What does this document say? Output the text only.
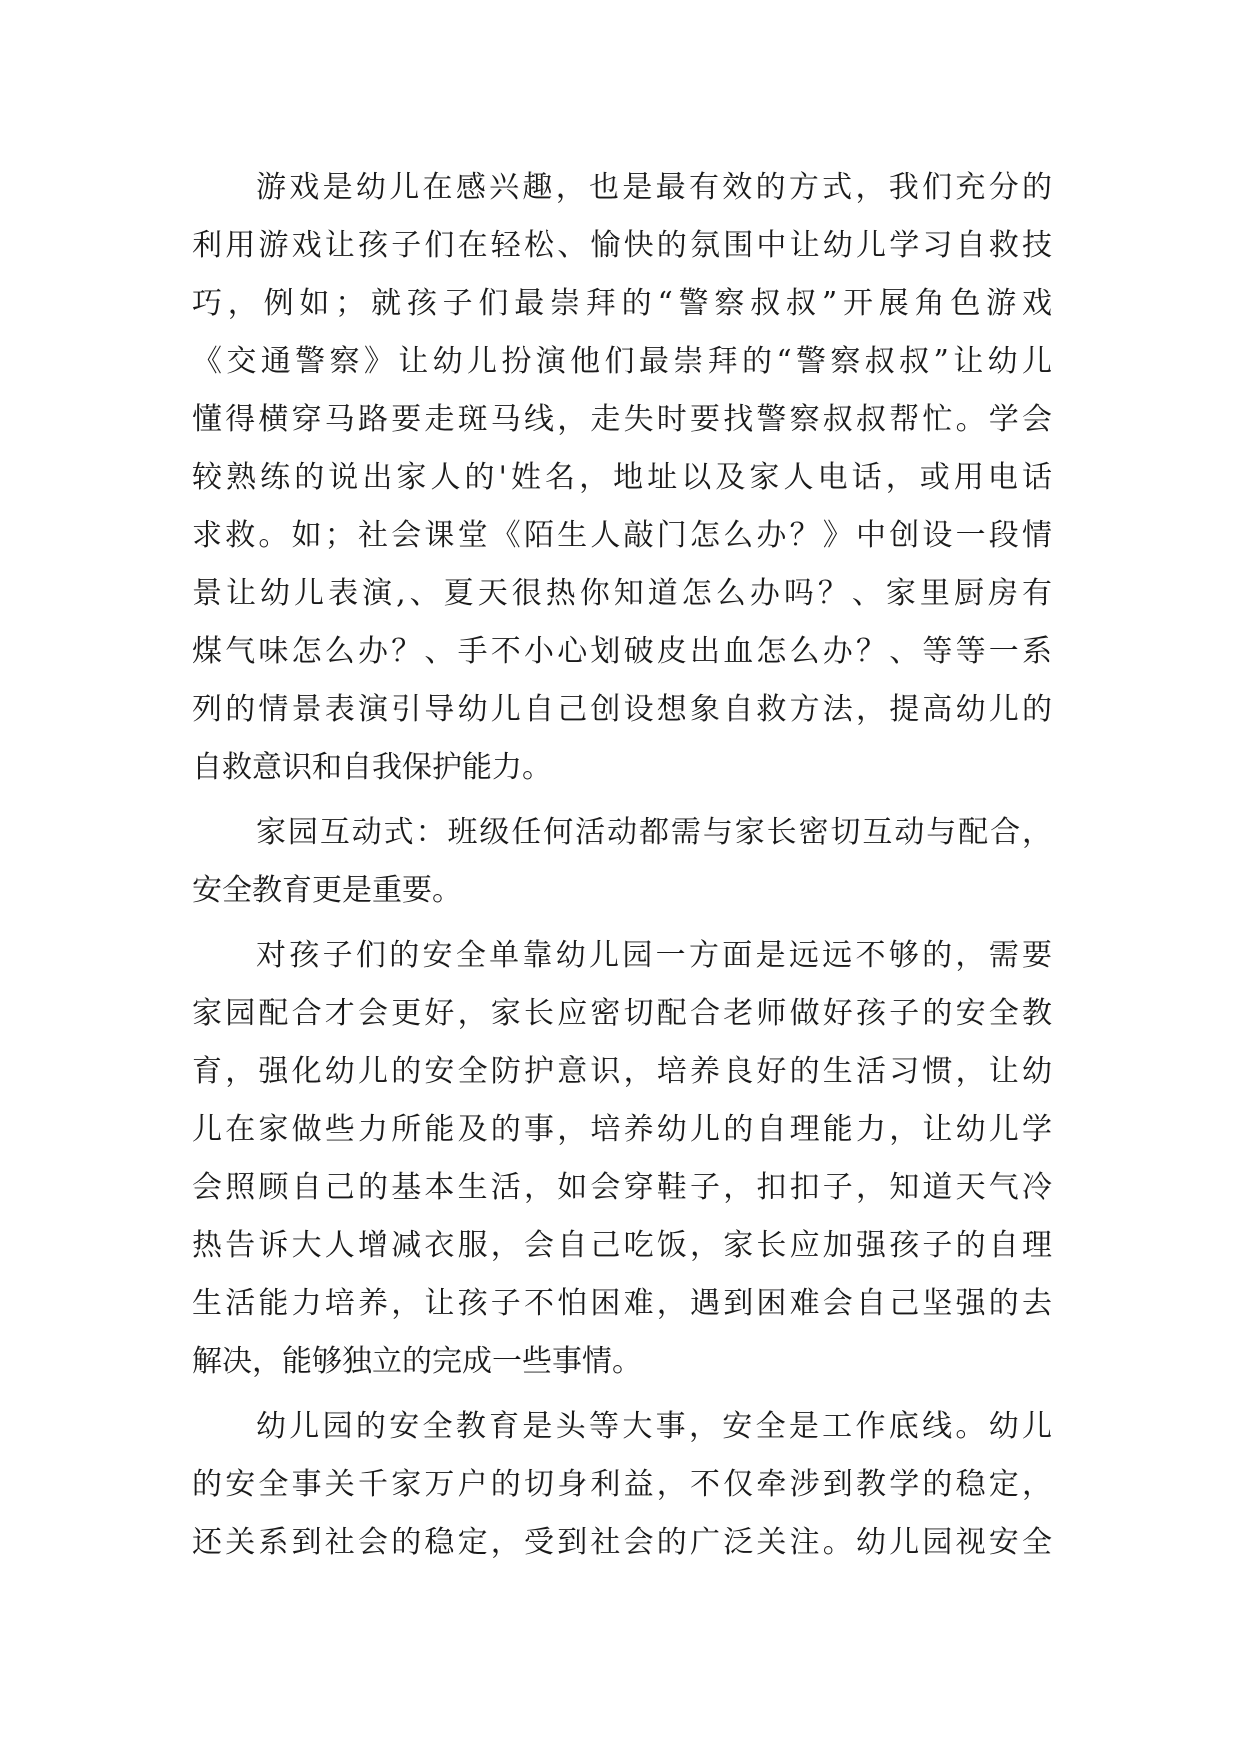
游戏是幼儿在感兴趣，也是最有效的方式，我们充分的
利用游戏让孩子们在轻松、愉快的氛围中让幼儿学习自救技
巧，例如；就孩子们最崇拜的“警察叔叔”开展角色游戏
《交通警察》让幼儿扮演他们最崇拜的“警察叔叔”让幼儿
懂得横穿马路要走斑马线，走失时要找警察叔叔帮忙。学会
较熟练的说出家人的'姓名，地址以及家人电话，或用电话
求救。如；社会课堂《陌生人敲门怎么办？》中创设一段情
景让幼儿表演,、夏天很热你知道怎么办吗？、家里厨房有
煤气味怎么办？、手不小心划破皮出血怎么办？、等等一系
列的情景表演引导幼儿自己创设想象自救方法，提高幼儿的
自救意识和自我保护能力。
家园互动式：班级任何活动都需与家长密切互动与配合，
安全教育更是重要。
对孩子们的安全单靠幼儿园一方面是远远不够的，需要
家园配合才会更好，家长应密切配合老师做好孩子的安全教
育，强化幼儿的安全防护意识，培养良好的生活习惯，让幼
儿在家做些力所能及的事，培养幼儿的自理能力，让幼儿学
会照顾自己的基本生活，如会穿鞋子，扣扣子，知道天气冷
热告诉大人增减衣服，会自己吃饭，家长应加强孩子的自理
生活能力培养，让孩子不怕困难，遇到困难会自己坚强的去
解决，能够独立的完成一些事情。
幼儿园的安全教育是头等大事，安全是工作底线。幼儿
的安全事关千家万户的切身利益，不仅牵涉到教学的稳定，
还关系到社会的稳定，受到社会的广泛关注。幼儿园视安全
